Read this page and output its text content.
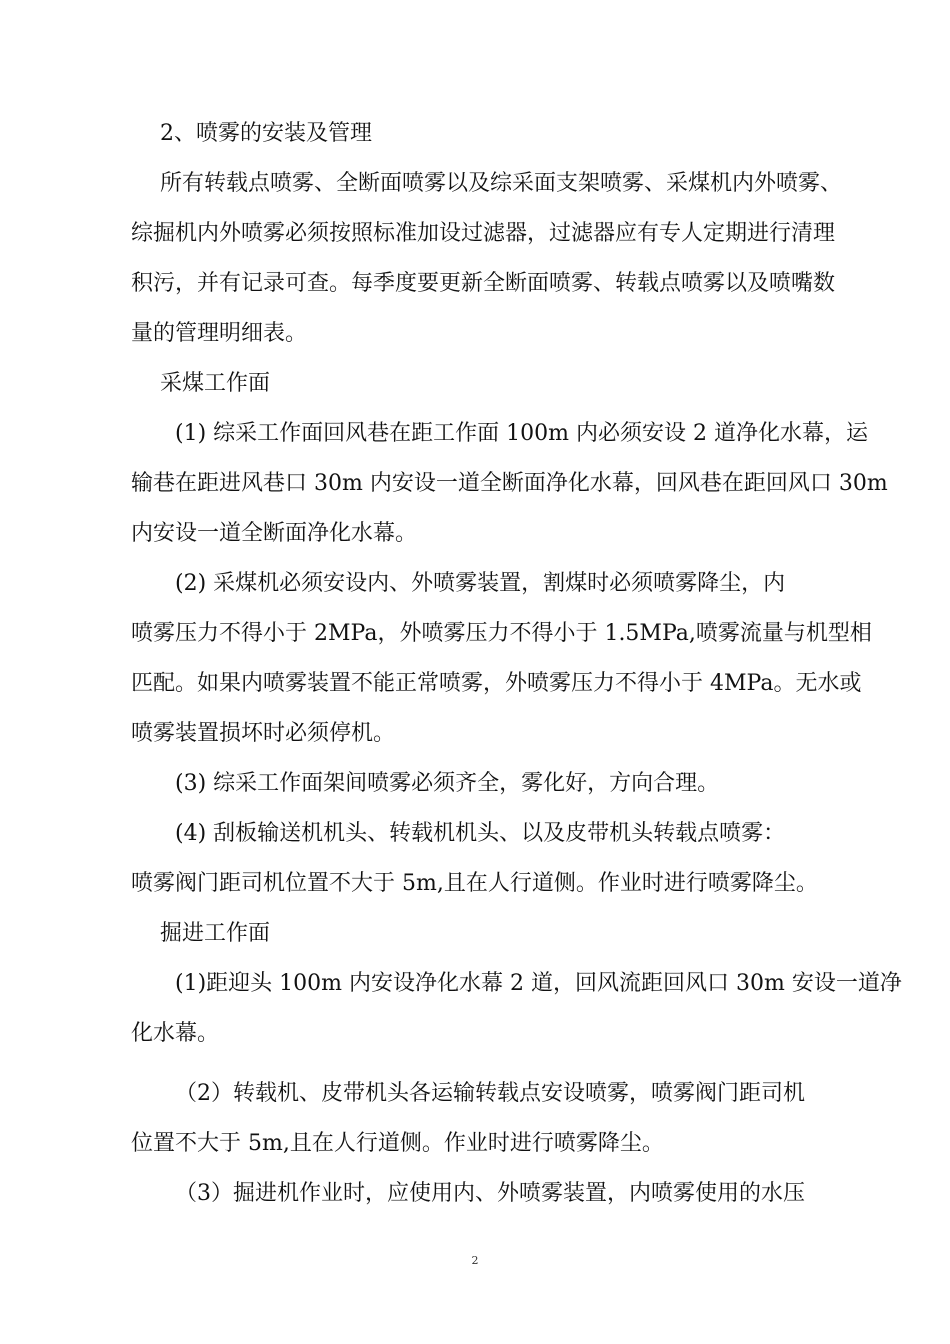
2、喷雾的安装及管理
所有转载点喷雾、全断面喷雾以及综采面支架喷雾、采煤机内外喷雾、
综掘机内外喷雾必须按照标准加设过滤器，过滤器应有专人定期进行清理
积污，并有记录可查。每季度要更新全断面喷雾、转载点喷雾以及喷嘴数
量的管理明细表。
采煤工作面
(1) 综采工作面回风巷在距工作面 100m 内必须安设 2 道净化水幕，运
输巷在距进风巷口 30m 内安设一道全断面净化水幕，回风巷在距回风口 30m
内安设一道全断面净化水幕。
(2) 采煤机必须安设内、外喷雾装置，割煤时必须喷雾降尘，内
喷雾压力不得小于 2MPa，外喷雾压力不得小于 1.5MPa,喷雾流量与机型相
匹配。如果内喷雾装置不能正常喷雾，外喷雾压力不得小于 4MPa。无水或
喷雾装置损坏时必须停机。
(3) 综采工作面架间喷雾必须齐全，雾化好，方向合理。
(4) 刮板输送机机头、转载机机头、以及皮带机头转载点喷雾：
喷雾阀门距司机位置不大于 5m,且在人行道侧。作业时进行喷雾降尘。
掘进工作面
(1)距迎头 100m 内安设净化水幕 2 道，回风流距回风口 30m 安设一道净
化水幕。
（2）转载机、皮带机头各运输转载点安设喷雾，喷雾阀门距司机
位置不大于 5m,且在人行道侧。作业时进行喷雾降尘。
（3）掘进机作业时，应使用内、外喷雾装置，内喷雾使用的水压
2
